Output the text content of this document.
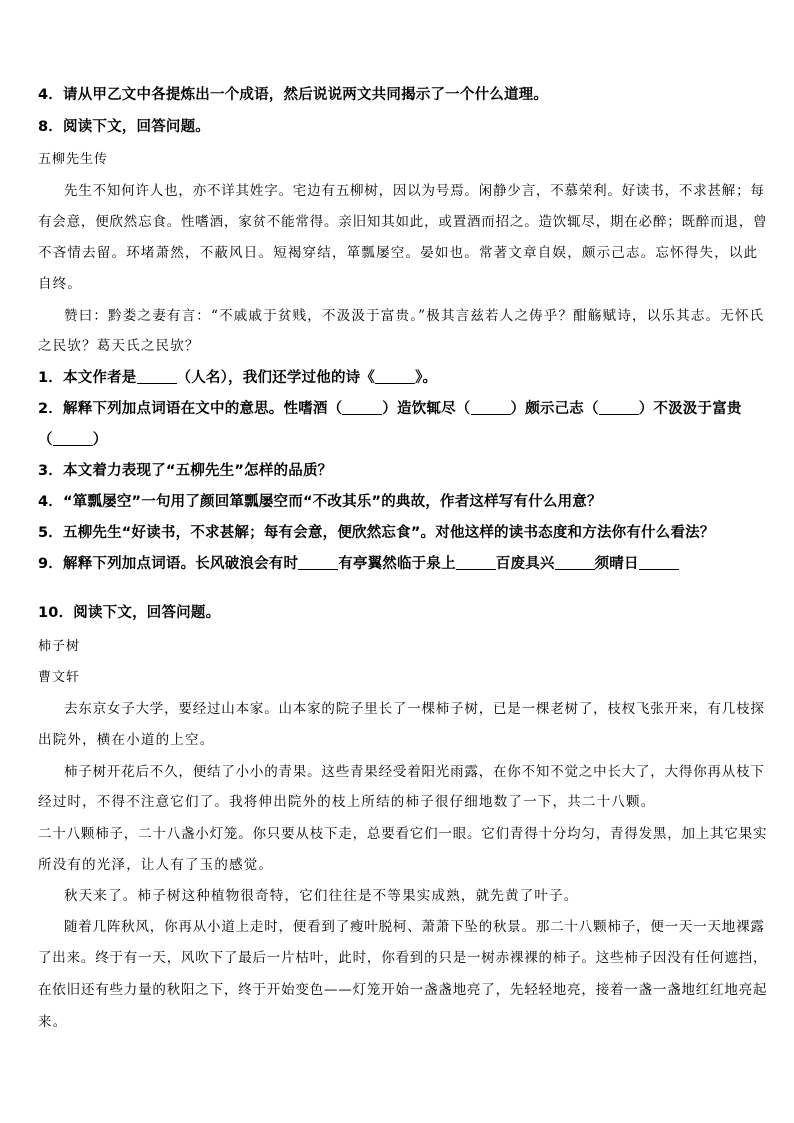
4．请从甲乙文中各提炼出一个成语，然后说说两文共同揭示了一个什么道理。
8．阅读下文，回答问题。
五柳先生传
先生不知何许人也，亦不详其姓字。宅边有五柳树，因以为号焉。闲静少言，不慕荣利。好读书，不求甚解；每
有会意，便欣然忘食。性嗜酒，家贫不能常得。亲旧知其如此，或置酒而招之。造饮辄尽，期在必醉；既醉而退，曾
不吝情去留。环堵萧然，不蔽风日。短褐穿结，箪瓢屡空。晏如也。常著文章自娱，颇示己志。忘怀得失，以此
自终。
赞曰：黔娄之妻有言：“不戚戚于贫贱，不汲汲于富贵。”极其言兹若人之俦乎？酣觞赋诗，以乐其志。无怀氏
之民欤？葛天氏之民欤？
1．本文作者是	（人名），我们还学过他的诗《	》。
2．解释下列加点词语在文中的意思。性嗜酒（	）造饮辄尽（	）颇示己志（	）不汲汲于富贵
（	）
3．本文着力表现了“五柳先生”怎样的品质？
4．“箪瓢屡空”一句用了颜回箪瓢屡空而“不改其乐”的典故，作者这样写有什么用意？
5．五柳先生“好读书，不求甚解；每有会意，便欣然忘食”。对他这样的读书态度和方法你有什么看法？
9．解释下列加点词语。长风破浪会有时	有亭翼然临于泉上	百废具兴	须晴日
10．阅读下文，回答问题。
柿子树
曹文轩
去东京女子大学，要经过山本家。山本家的院子里长了一棵柿子树，已是一棵老树了，枝杈飞张开来，有几枝探
出院外，横在小道的上空。
柿子树开花后不久，便结了小小的青果。这些青果经受着阳光雨露，在你不知不觉之中长大了，大得你再从枝下
经过时，不得不注意它们了。我将伸出院外的枝上所结的柿子很仔细地数了一下，共二十八颗。
二十八颗柿子，二十八盏小灯笼。你只要从枝下走，总要看它们一眼。它们青得十分均匀，青得发黑，加上其它果实
所没有的光泽，让人有了玉的感觉。
秋天来了。柿子树这种植物很奇特，它们往往是不等果实成熟，就先黄了叶子。
随着几阵秋风，你再从小道上走时，便看到了瘦叶脱柯、萧萧下坠的秋景。那二十八颗柿子，便一天一天地裸露
了出来。终于有一天，风吹下了最后一片枯叶，此时，你看到的只是一树赤裸裸的柿子。这些柿子因没有任何遮挡，
在依旧还有些力量的秋阳之下，终于开始变色——灯笼开始一盏盏地亮了，先轻轻地亮，接着一盏一盏地红红地亮起
来。
